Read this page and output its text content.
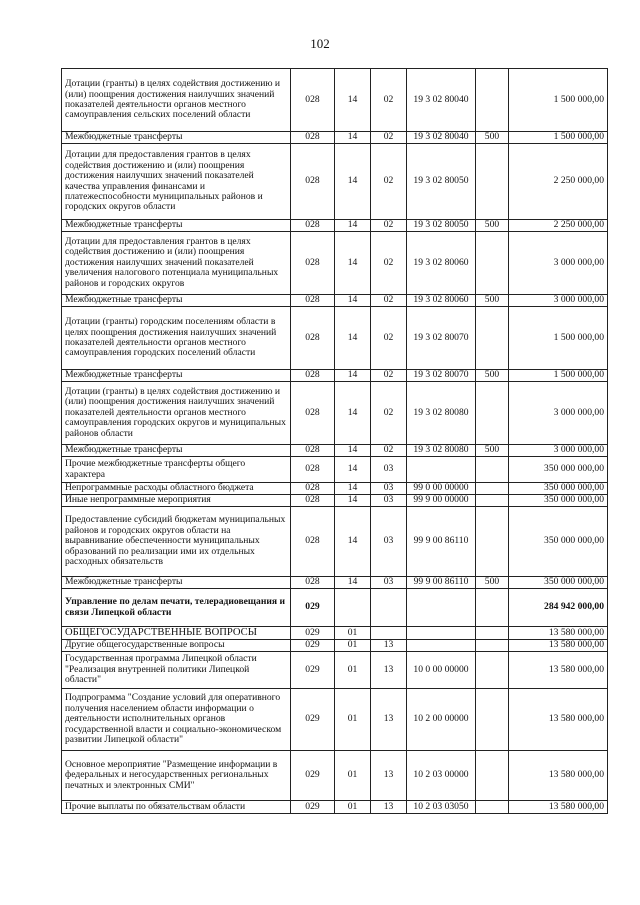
102
Дотации (гранты) в целях содействия достижению и (или) поощрения достижения наилучших значений показателей деятельности органов местного самоуправления сельских поселений области	028	14	02	19 3 02 80040		1 500 000,00
Межбюджетные трансферты	028	14	02	19 3 02 80040	500	1 500 000,00
Дотации для предоставления грантов в целях содействия достижению и (или) поощрения достижения наилучших значений показателей качества управления финансами и платежеспособности муниципальных районов и городских округов области	028	14	02	19 3 02 80050		2 250 000,00
Межбюджетные трансферты	028	14	02	19 3 02 80050	500	2 250 000,00
Дотации для предоставления грантов в целях содействия достижению и (или) поощрения достижения наилучших значений показателей увеличения налогового потенциала муниципальных районов и городских округов	028	14	02	19 3 02 80060		3 000 000,00
Межбюджетные трансферты	028	14	02	19 3 02 80060	500	3 000 000,00
Дотации (гранты) городским поселениям области в целях поощрения достижения наилучших значений показателей деятельности органов местного самоуправления городских поселений области	028	14	02	19 3 02 80070		1 500 000,00
Межбюджетные трансферты	028	14	02	19 3 02 80070	500	1 500 000,00
Дотации (гранты) в целях содействия достижению и (или) поощрения достижения наилучших значений показателей деятельности органов местного самоуправления городских округов и муниципальных районов области	028	14	02	19 3 02 80080		3 000 000,00
Межбюджетные трансферты	028	14	02	19 3 02 80080	500	3 000 000,00
Прочие межбюджетные трансферты общего характера	028	14	03			350 000 000,00
Непрограммные расходы областного бюджета	028	14	03	99 0 00 00000		350 000 000,00
Иные непрограммные мероприятия	028	14	03	99 9 00 00000		350 000 000,00
Предоставление субсидий бюджетам муниципальных районов и городских округов области на выравнивание обеспеченности муниципальных образований по реализации ими их отдельных расходных обязательств	028	14	03	99 9 00 86110		350 000 000,00
Межбюджетные трансферты	028	14	03	99 9 00 86110	500	350 000 000,00
Управление по делам печати, телерадиовещания и связи Липецкой области	029					284 942 000,00
ОБЩЕГОСУДАРСТВЕННЫЕ ВОПРОСЫ	029	01				13 580 000,00
Другие общегосударственные вопросы	029	01	13			13 580 000,00
Государственная программа Липецкой области "Реализация внутренней политики Липецкой области"	029	01	13	10 0 00 00000		13 580 000,00
Подпрограмма "Создание условий для оперативного получения населением области информации о деятельности исполнительных органов государственной власти и социально-экономическом развитии Липецкой области"	029	01	13	10 2 00 00000		13 580 000,00
Основное мероприятие "Размещение информации в федеральных и негосударственных региональных печатных и электронных СМИ"	029	01	13	10 2 03 00000		13 580 000,00
Прочие выплаты по обязательствам области	029	01	13	10 2 03 03050		13 580 000,00
